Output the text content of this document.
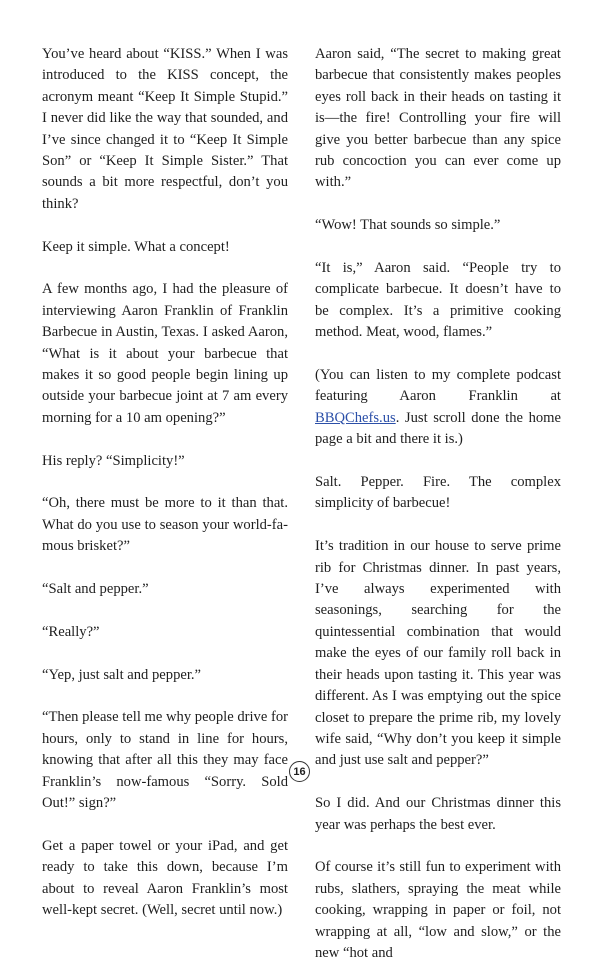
You’ve heard about “KISS.” When I was introduced to the KISS concept, the acronym meant “Keep It Simple Stupid.” I never did like the way that sounded, and I’ve since changed it to “Keep It Simple Son” or “Keep It Simple Sister.” That sounds a bit more respectful, don’t you think?

Keep it simple. What a concept!

A few months ago, I had the pleasure of interviewing Aaron Franklin of Franklin Barbecue in Austin, Texas. I asked Aaron, “What is it about your barbecue that makes it so good people begin lining up outside your barbecue joint at 7 am every morning for a 10 am opening?”

His reply? “Simplicity!”

“Oh, there must be more to it than that. What do you use to season your world-famous brisket?”

“Salt and pepper.”

“Really?”

“Yep, just salt and pepper.”

“Then please tell me why people drive for hours, only to stand in line for hours, knowing that after all this they may face Franklin’s now-famous “Sorry. Sold Out!” sign?”

Get a paper towel or your iPad, and get ready to take this down, because I’m about to reveal Aaron Franklin’s most well-kept secret. (Well, secret until now.)

Aaron said, “The secret to making great barbecue that consistently makes peoples eyes roll back in their heads on tasting it is—the fire! Controlling your fire will give you better barbecue than any spice rub concoction you can ever come up with.”

“Wow! That sounds so simple.”

“It is,” Aaron said. “People try to complicate barbecue. It doesn’t have to be complex. It’s a primitive cooking method. Meat, wood, flames.”

(You can listen to my complete podcast featuring Aaron Franklin at BBQChefs.us. Just scroll done the home page a bit and there it is.)

Salt. Pepper. Fire. The complex simplicity of barbecue!

It’s tradition in our house to serve prime rib for Christmas dinner. In past years, I’ve always experimented with seasonings, searching for the quintessential combination that would make the eyes of our family roll back in their heads upon tasting it. This year was different. As I was emptying out the spice closet to prepare the prime rib, my lovely wife said, “Why don’t you keep it simple and just use salt and pepper?”

So I did. And our Christmas dinner this year was perhaps the best ever.

Of course it’s still fun to experiment with rubs, slathers, spraying the meat while cooking, wrapping in paper or foil, not wrapping at all, “low and slow,” or the new “hot and

16
